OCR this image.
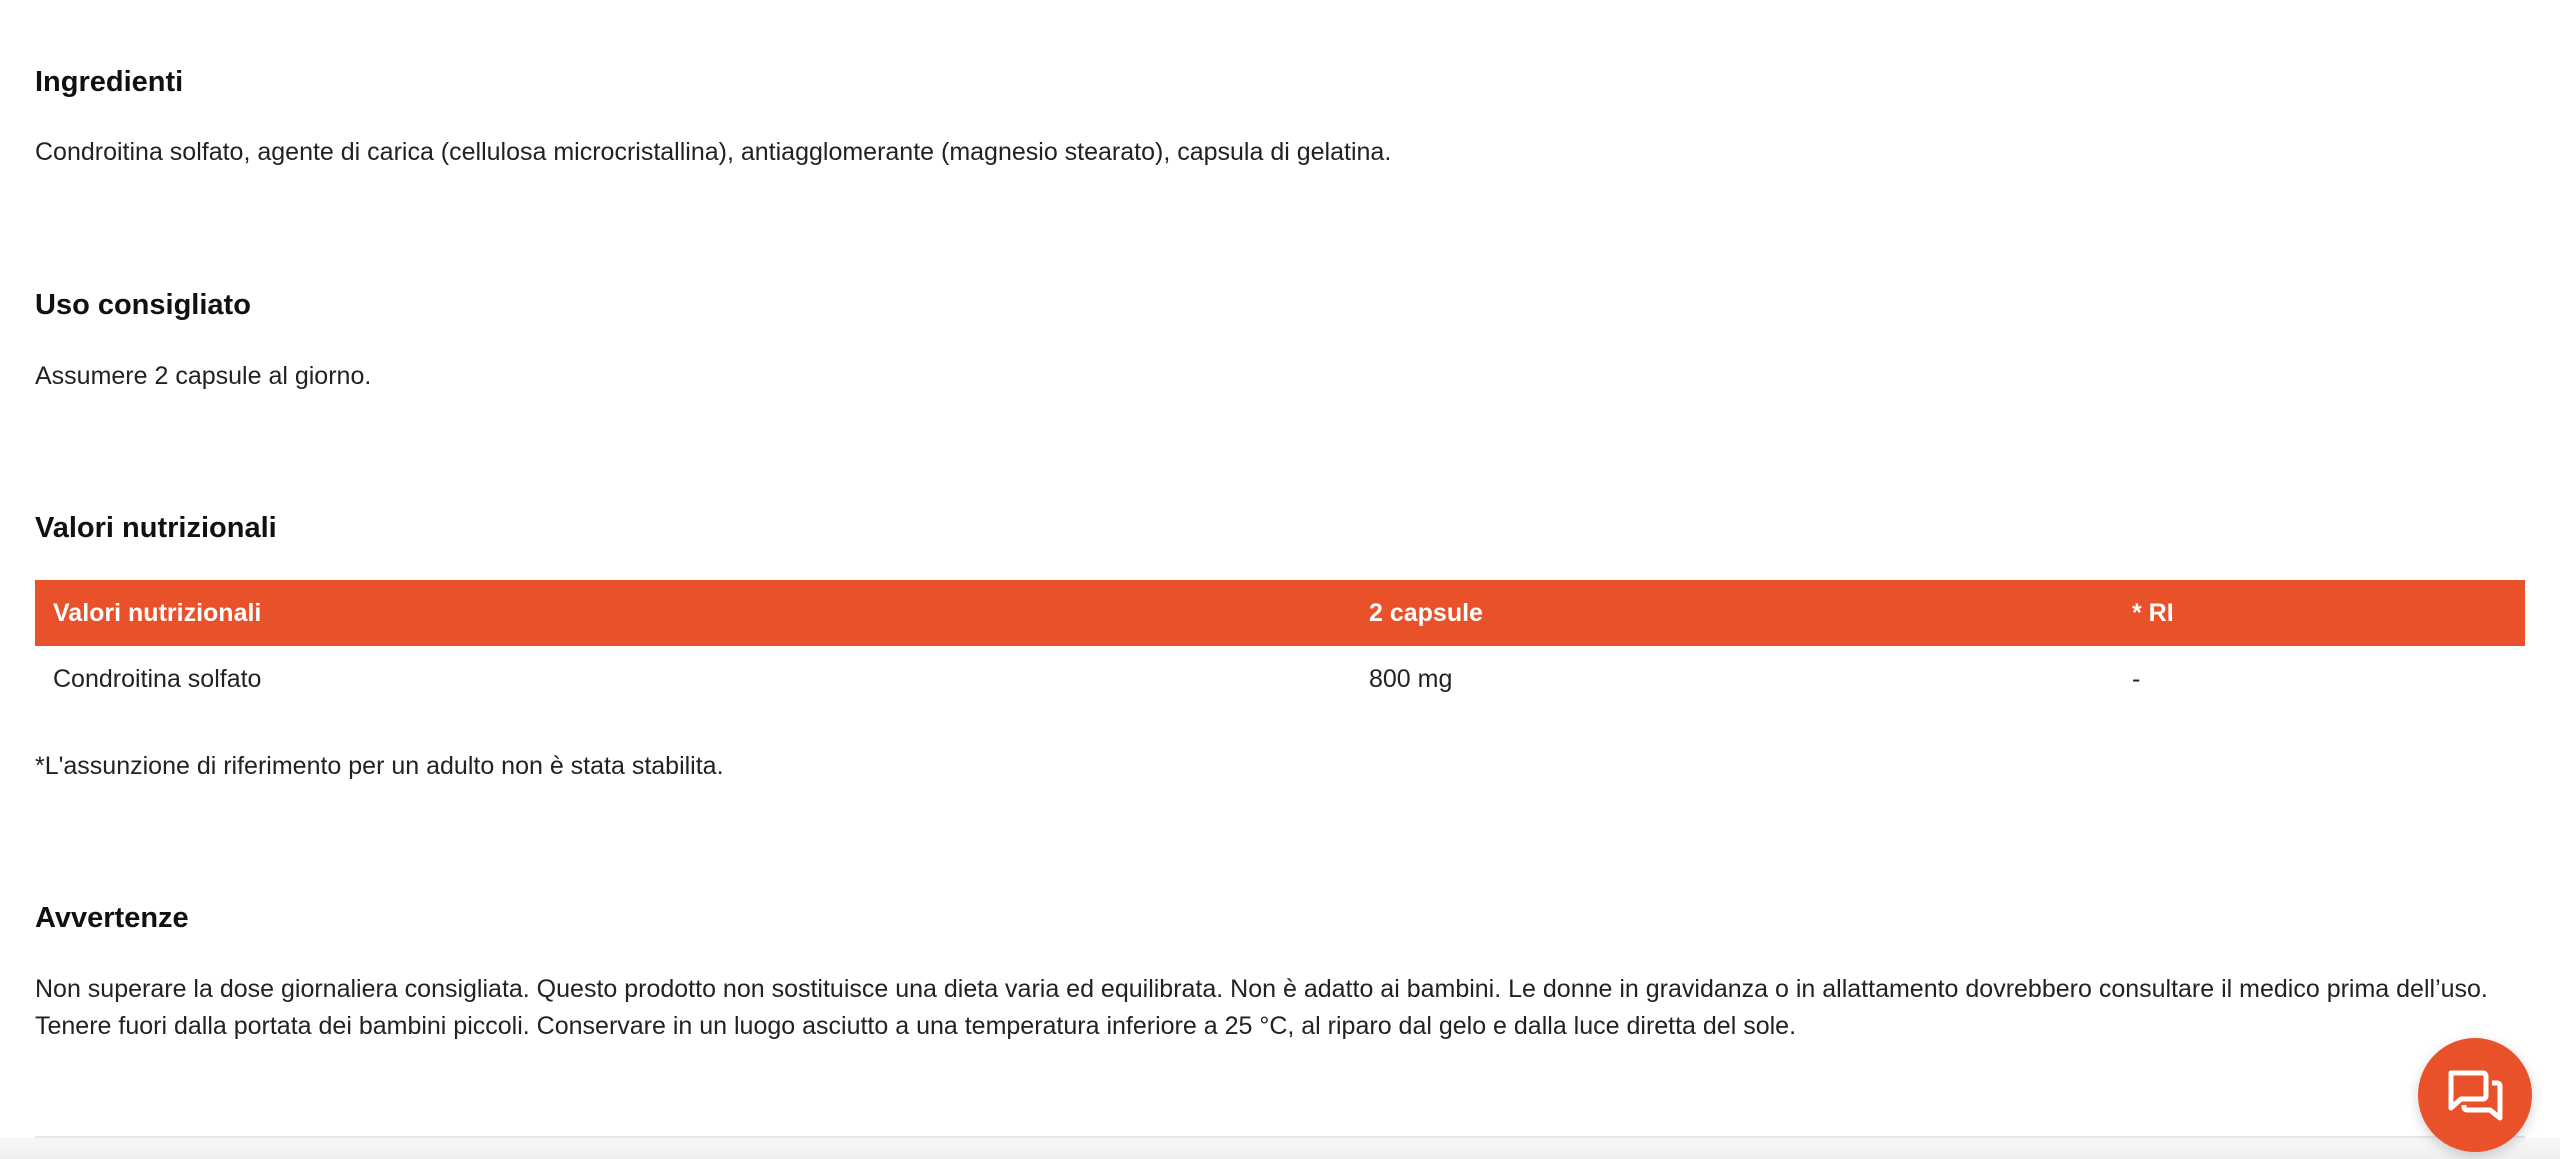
Ingredienti

Condroitina solfato, agente di carica (cellulosa microcristallina), antiagglomerante (magnesio stearato), capsula di gelatina.

Uso consigliato

Assumere 2 capsule al giorno.

Valori nutrizionali
Valori nutrizionali	2 capsule	* RI
Condroitina solfato	800 mg	-

*L'assunzione di riferimento per un adulto non è stata stabilita.

Avvertenze

Non superare la dose giornaliera consigliata. Questo prodotto non sostituisce una dieta varia ed equilibrata. Non è adatto ai bambini. Le donne in gravidanza o in allattamento dovrebbero consultare il medico prima dell’uso. Tenere fuori dalla portata dei bambini piccoli. Conservare in un luogo asciutto a una temperatura inferiore a 25 °C, al riparo dal gelo e dalla luce diretta del sole.
